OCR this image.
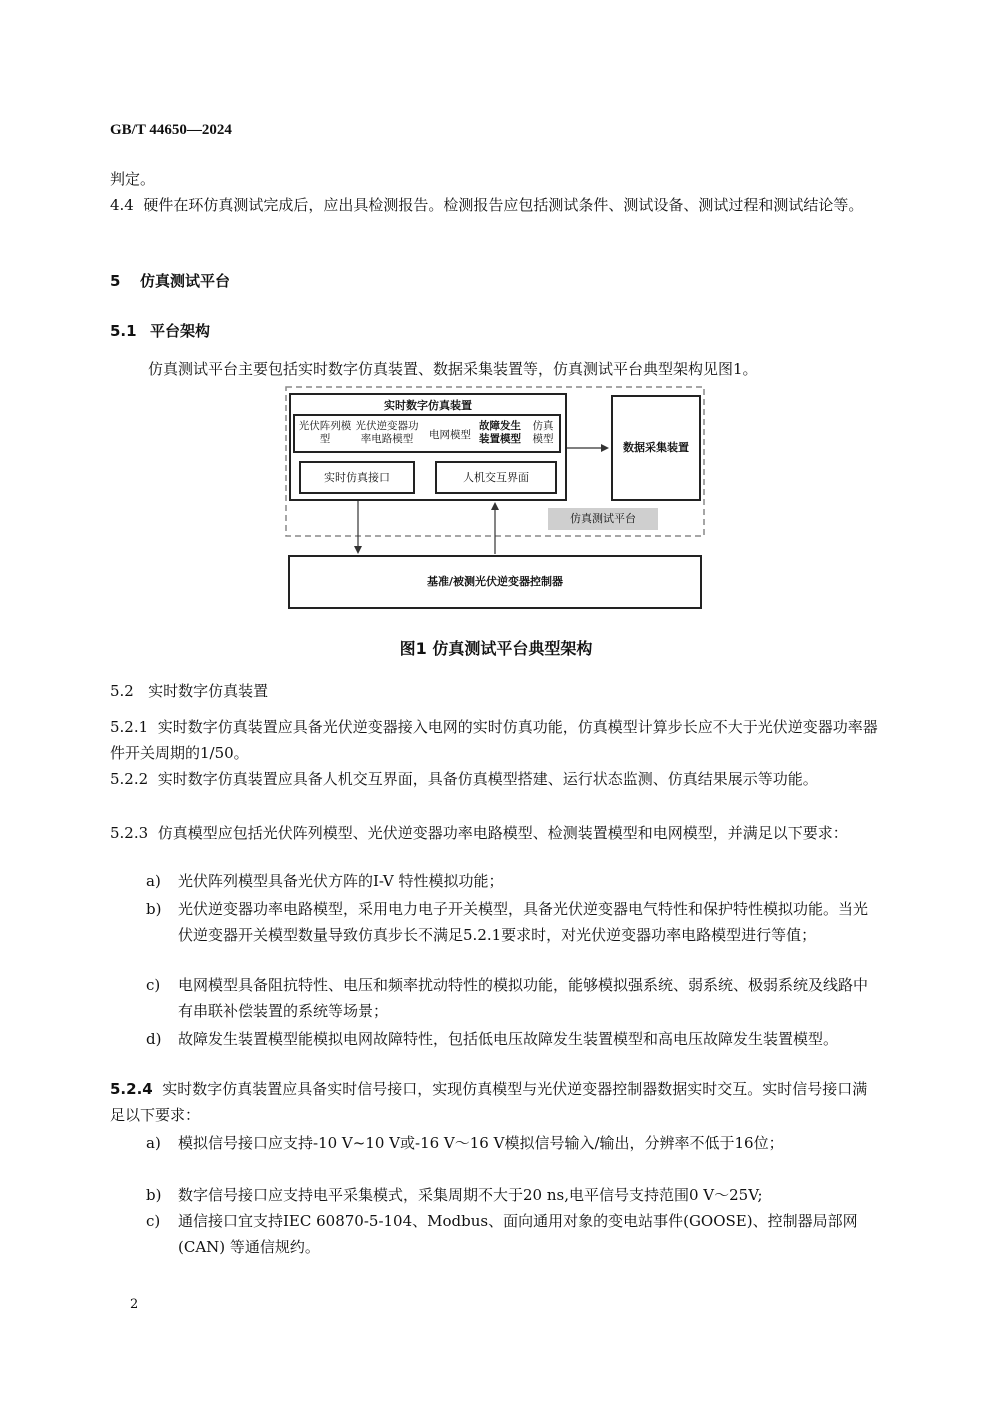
GB/T 44650—2024
判定。
4.4 硬件在环仿真测试完成后，应出具检测报告。检测报告应包括测试条件、测试设备、测试过程和测试结论等。
5 仿真测试平台
5.1 平台架构
仿真测试平台主要包括实时数字仿真装置、数据采集装置等，仿真测试平台典型架构见图1。
实时数字仿真装置
光伏阵列模型
光伏逆变器功率电路模型	电网模型
故障发生装置模型
仿真模型
实时仿真接口	人机交互界面
数据采集装置
仿真测试平台
基准/被测光伏逆变器控制器
图1 仿真测试平台典型架构
5.2 实时数字仿真装置
5.2.1 实时数字仿真装置应具备光伏逆变器接入电网的实时仿真功能，仿真模型计算步长应不大于光伏逆变器功率器件开关周期的1/50。
5.2.2 实时数字仿真装置应具备人机交互界面，具备仿真模型搭建、运行状态监测、仿真结果展示等功能。
5.2.3 仿真模型应包括光伏阵列模型、光伏逆变器功率电路模型、检测装置模型和电网模型，并满足以下要求：
a) 光伏阵列模型具备光伏方阵的I-V 特性模拟功能；
b) 光伏逆变器功率电路模型，采用电力电子开关模型，具备光伏逆变器电气特性和保护特性模拟功能。当光伏逆变器开关模型数量导致仿真步长不满足5.2.1要求时，对光伏逆变器功率电路模型进行等值；
c) 电网模型具备阻抗特性、电压和频率扰动特性的模拟功能，能够模拟强系统、弱系统、极弱系统及线路中有串联补偿装置的系统等场景；
d) 故障发生装置模型能模拟电网故障特性，包括低电压故障发生装置模型和高电压故障发生装置模型。
5.2.4 实时数字仿真装置应具备实时信号接口，实现仿真模型与光伏逆变器控制器数据实时交互。实时信号接口满足以下要求：
a) 模拟信号接口应支持-10 V~10 V或-16 V～16 V模拟信号输入/输出，分辨率不低于16位；
b) 数字信号接口应支持电平采集模式，采集周期不大于20 ns,电平信号支持范围0 V～25V;
c) 通信接口宜支持IEC 60870-5-104、Modbus、面向通用对象的变电站事件(GOOSE)、控制器局部网(CAN) 等通信规约。
2
